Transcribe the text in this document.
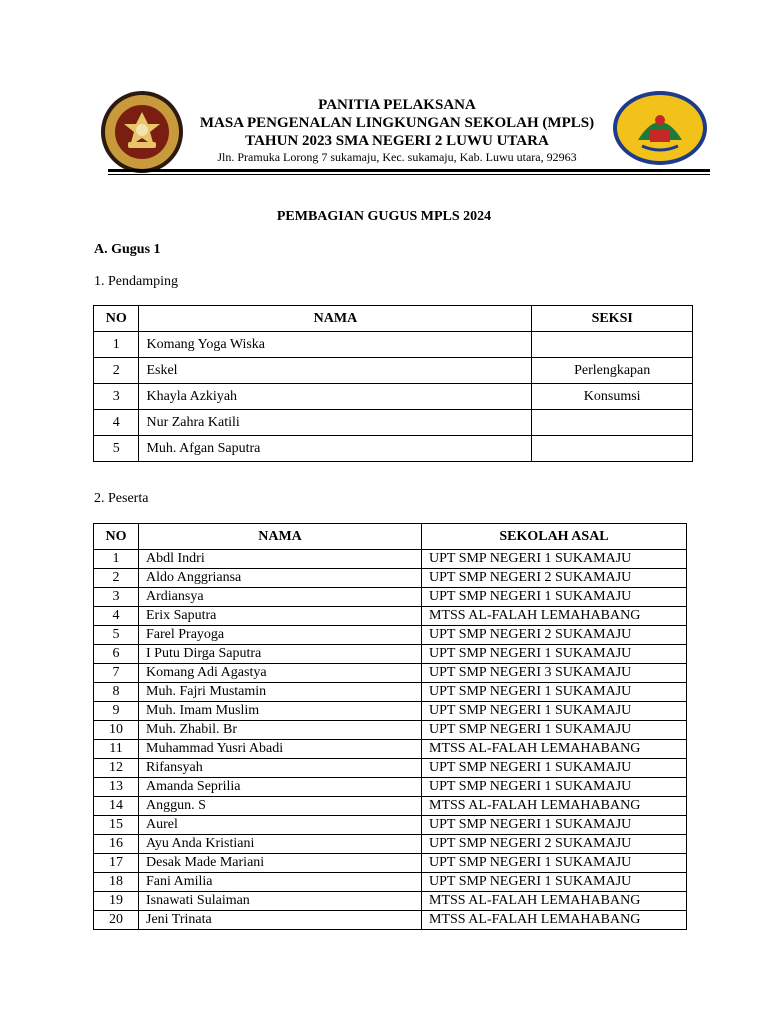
PANITIA PELAKSANA
MASA PENGENALAN LINGKUNGAN SEKOLAH (MPLS)
TAHUN 2023 SMA NEGERI 2 LUWU UTARA
Jln. Pramuka Lorong 7 sukamaju, Kec. sukamaju, Kab. Luwu utara, 92963
PEMBAGIAN GUGUS MPLS 2024
A. Gugus 1
1. Pendamping
NO	NAMA	SEKSI
1	Komang Yoga Wiska	
2	Eskel	Perlengkapan
3	Khayla Azkiyah	Konsumsi
4	Nur Zahra Katili	
5	Muh. Afgan Saputra	
2. Peserta
NO	NAMA	SEKOLAH ASAL
1	Abdl Indri	UPT SMP NEGERI 1 SUKAMAJU
2	Aldo Anggriansa	UPT SMP NEGERI 2 SUKAMAJU
3	Ardiansya	UPT SMP NEGERI 1 SUKAMAJU
4	Erix Saputra	MTSS AL-FALAH LEMAHABANG
5	Farel Prayoga	UPT SMP NEGERI 2 SUKAMAJU
6	I Putu Dirga Saputra	UPT SMP NEGERI 1 SUKAMAJU
7	Komang Adi Agastya	UPT SMP NEGERI 3 SUKAMAJU
8	Muh. Fajri Mustamin	UPT SMP NEGERI 1 SUKAMAJU
9	Muh. Imam Muslim	UPT SMP NEGERI 1 SUKAMAJU
10	Muh. Zhabil. Br	UPT SMP NEGERI 1 SUKAMAJU
11	Muhammad Yusri Abadi	MTSS AL-FALAH LEMAHABANG
12	Rifansyah	UPT SMP NEGERI 1 SUKAMAJU
13	Amanda Seprilia	UPT SMP NEGERI 1 SUKAMAJU
14	Anggun. S	MTSS AL-FALAH LEMAHABANG
15	Aurel	UPT SMP NEGERI 1 SUKAMAJU
16	Ayu Anda Kristiani	UPT SMP NEGERI 2 SUKAMAJU
17	Desak Made Mariani	UPT SMP NEGERI 1 SUKAMAJU
18	Fani Amilia	UPT SMP NEGERI 1 SUKAMAJU
19	Isnawati Sulaiman	MTSS AL-FALAH LEMAHABANG
20	Jeni Trinata	MTSS AL-FALAH LEMAHABANG
